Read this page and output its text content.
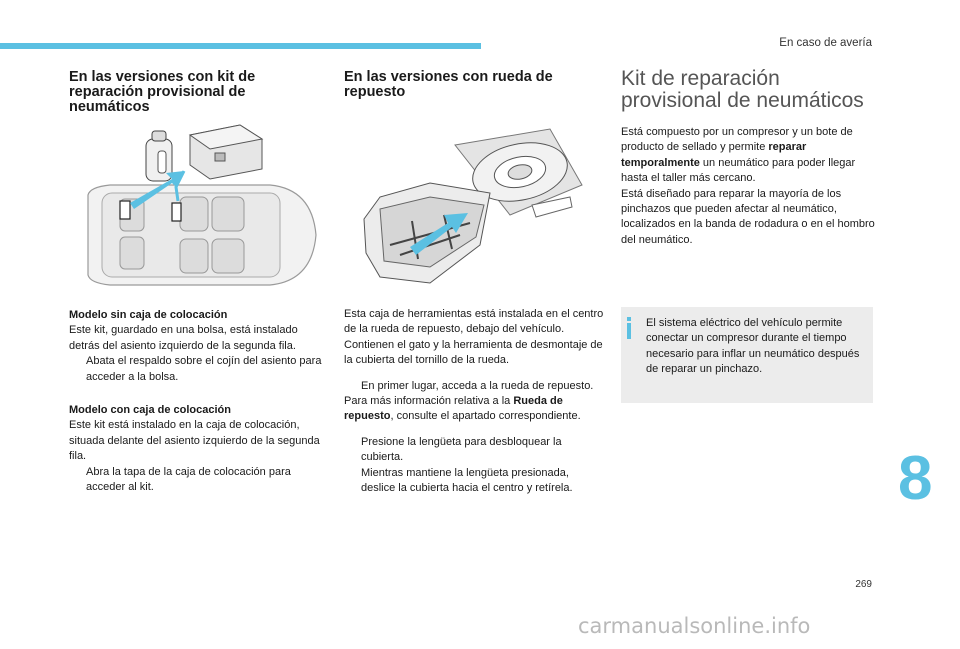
En caso de avería
En las versiones con kit de reparación provisional de neumáticos

Modelo sin caja de colocación

Este kit, guardado en una bolsa, está instalado detrás del asiento izquierdo de la segunda fila.

Abata el respaldo sobre el cojín del asiento para acceder a la bolsa.

Modelo con caja de colocación

Este kit está instalado en la caja de colocación, situada delante del asiento izquierdo de la segunda fila.

Abra la tapa de la caja de colocación para acceder al kit.
En las versiones con rueda de repuesto

Esta caja de herramientas está instalada en el centro de la rueda de repuesto, debajo del vehículo.

Contienen el gato y la herramienta de desmontaje de la cubierta del tornillo de la rueda.

En primer lugar, acceda a la rueda de repuesto.

Para más información relativa a la Rueda de repuesto, consulte el apartado correspondiente.

Presione la lengüeta para desbloquear la cubierta.
Mientras mantiene la lengüeta presionada, deslice la cubierta hacia el centro y retírela.
Kit de reparación provisional de neumáticos

Está compuesto por un compresor y un bote de producto de sellado y permite reparar temporalmente un neumático para poder llegar hasta el taller más cercano.

Está diseñado para reparar la mayoría de los pinchazos que pueden afectar al neumático, localizados en la banda de rodadura o en el hombro del neumático.

El sistema eléctrico del vehículo permite conectar un compresor durante el tiempo necesario para inflar un neumático después de reparar un pinchazo.
8
269
carmanualsonline.info
